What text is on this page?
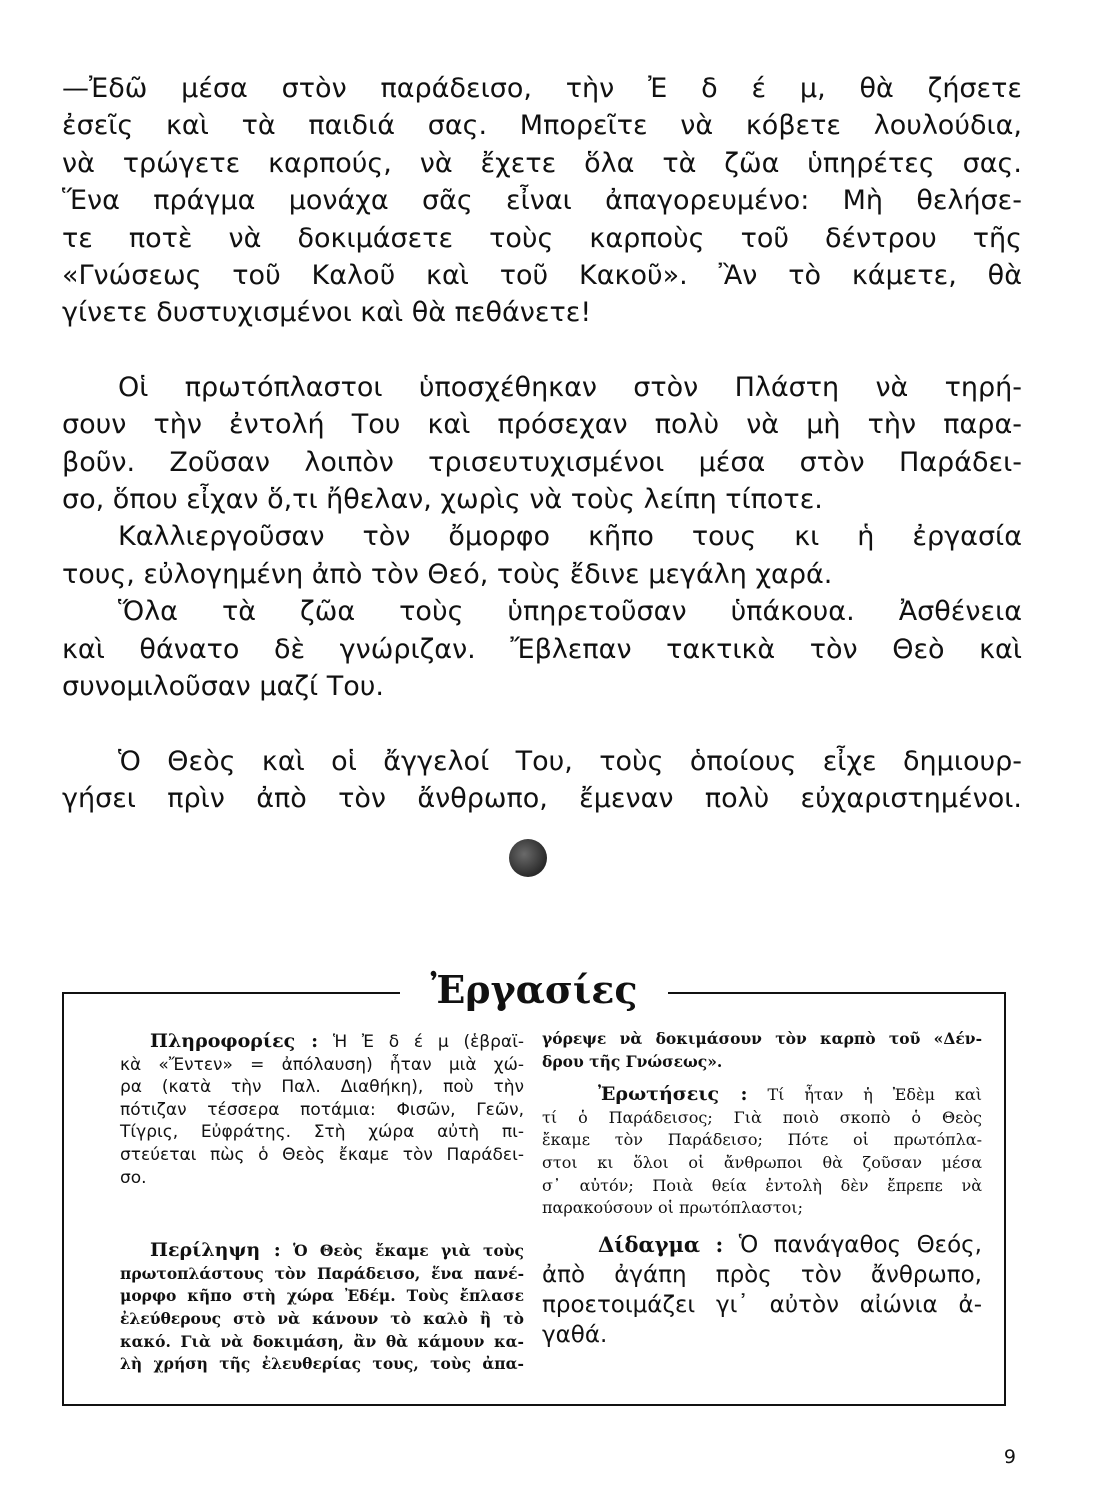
—Ἐδῶ μέσα στὸν παράδεισο, τὴν Ἐ δ έ μ, θὰ ζήσετε
ἐσεῖς καὶ τὰ παιδιά σας. Μπορεῖτε νὰ κόβετε λουλούδια,
νὰ τρώγετε καρπούς, νὰ ἔχετε ὅλα τὰ ζῶα ὑπηρέτες σας.
Ἕνα πράγμα μονάχα σᾶς εἶναι ἀπαγορευμένο: Μὴ θελήσε-
τε ποτὲ νὰ δοκιμάσετε τοὺς καρποὺς τοῦ δέντρου τῆς
«Γνώσεως τοῦ Καλοῦ καὶ τοῦ Κακοῦ». Ἂν τὸ κάμετε, θὰ
γίνετε δυστυχισμένοι καὶ θὰ πεθάνετε!

Οἱ πρωτόπλαστοι ὑποσχέθηκαν στὸν Πλάστη νὰ τηρή-
σουν τὴν ἐντολή Του καὶ πρόσεχαν πολὺ νὰ μὴ τὴν παρα-
βοῦν. Ζοῦσαν λοιπὸν τρισευτυχισμένοι μέσα στὸν Παράδει-
σο, ὅπου εἶχαν ὅ,τι ἤθελαν, χωρὶς νὰ τοὺς λείπη τίποτε.

Καλλιεργοῦσαν τὸν ὄμορφο κῆπο τους κι ἡ ἐργασία
τους, εὐλογημένη ἀπὸ τὸν Θεό, τοὺς ἔδινε μεγάλη χαρά.

Ὅλα τὰ ζῶα τοὺς ὑπηρετοῦσαν ὑπάκουα. Ἀσθένεια
καὶ θάνατο δὲ γνώριζαν. Ἔβλεπαν τακτικὰ τὸν Θεὸ καὶ
συνομιλοῦσαν μαζί Του.

Ὁ Θεὸς καὶ οἱ ἄγγελοί Του, τοὺς ὁποίους εἶχε δημιουρ-
γήσει πρὶν ἀπὸ τὸν ἄνθρωπο, ἔμεναν πολὺ εὐχαριστημένοι.

Πληροφορίες : Ἡ Ἐ δ έ μ (ἑβραϊ-
κὰ «Ἔντεν» = ἀπόλαυση) ἦταν μιὰ χώ-
ρα (κατὰ τὴν Παλ. Διαθήκη), ποὺ τὴν
πότιζαν τέσσερα ποτάμια: Φισῶν, Γεῶν,
Τίγρις, Εὐφράτης. Στὴ χώρα αὐτὴ πι-
στεύεται πὼς ὁ Θεὸς ἔκαμε τὸν Παράδει-
σο.

Περίληψη : Ὁ Θεὸς ἔκαμε γιὰ τοὺς
πρωτοπλάστους τὸν Παράδεισο, ἕνα πανέ-
μορφο κῆπο στὴ χώρα Ἐδέμ. Τοὺς ἔπλασε
ἐλεύθερους στὸ νὰ κάνουν τὸ καλὸ ἢ τὸ
κακό. Γιὰ νὰ δοκιμάση, ἂν θὰ κάμουν κα-
λὴ χρήση τῆς ἐλευθερίας τους, τοὺς ἀπα-

γόρεψε νὰ δοκιμάσουν τὸν καρπὸ τοῦ «Δέν-
δρου τῆς Γνώσεως».

Ἐρωτήσεις : Τί ἦταν ἡ Ἐδὲμ καὶ
τί ὁ Παράδεισος; Γιὰ ποιὸ σκοπὸ ὁ Θεὸς
ἔκαμε τὸν Παράδεισο; Πότε οἱ πρωτόπλα-
στοι κι ὅλοι οἱ ἄνθρωποι θὰ ζοῦσαν μέσα
σ᾿ αὐτόν; Ποιὰ θεία ἐντολὴ δὲν ἔπρεπε νὰ
παρακούσουν οἱ πρωτόπλαστοι;

Δίδαγμα : Ὁ πανάγαθος Θεός,
ἀπὸ ἀγάπη πρὸς τὸν ἄνθρωπο,
προετοιμάζει γι᾿ αὐτὸν αἰώνια ἀ-
γαθά.

Ἐργασίες
9
